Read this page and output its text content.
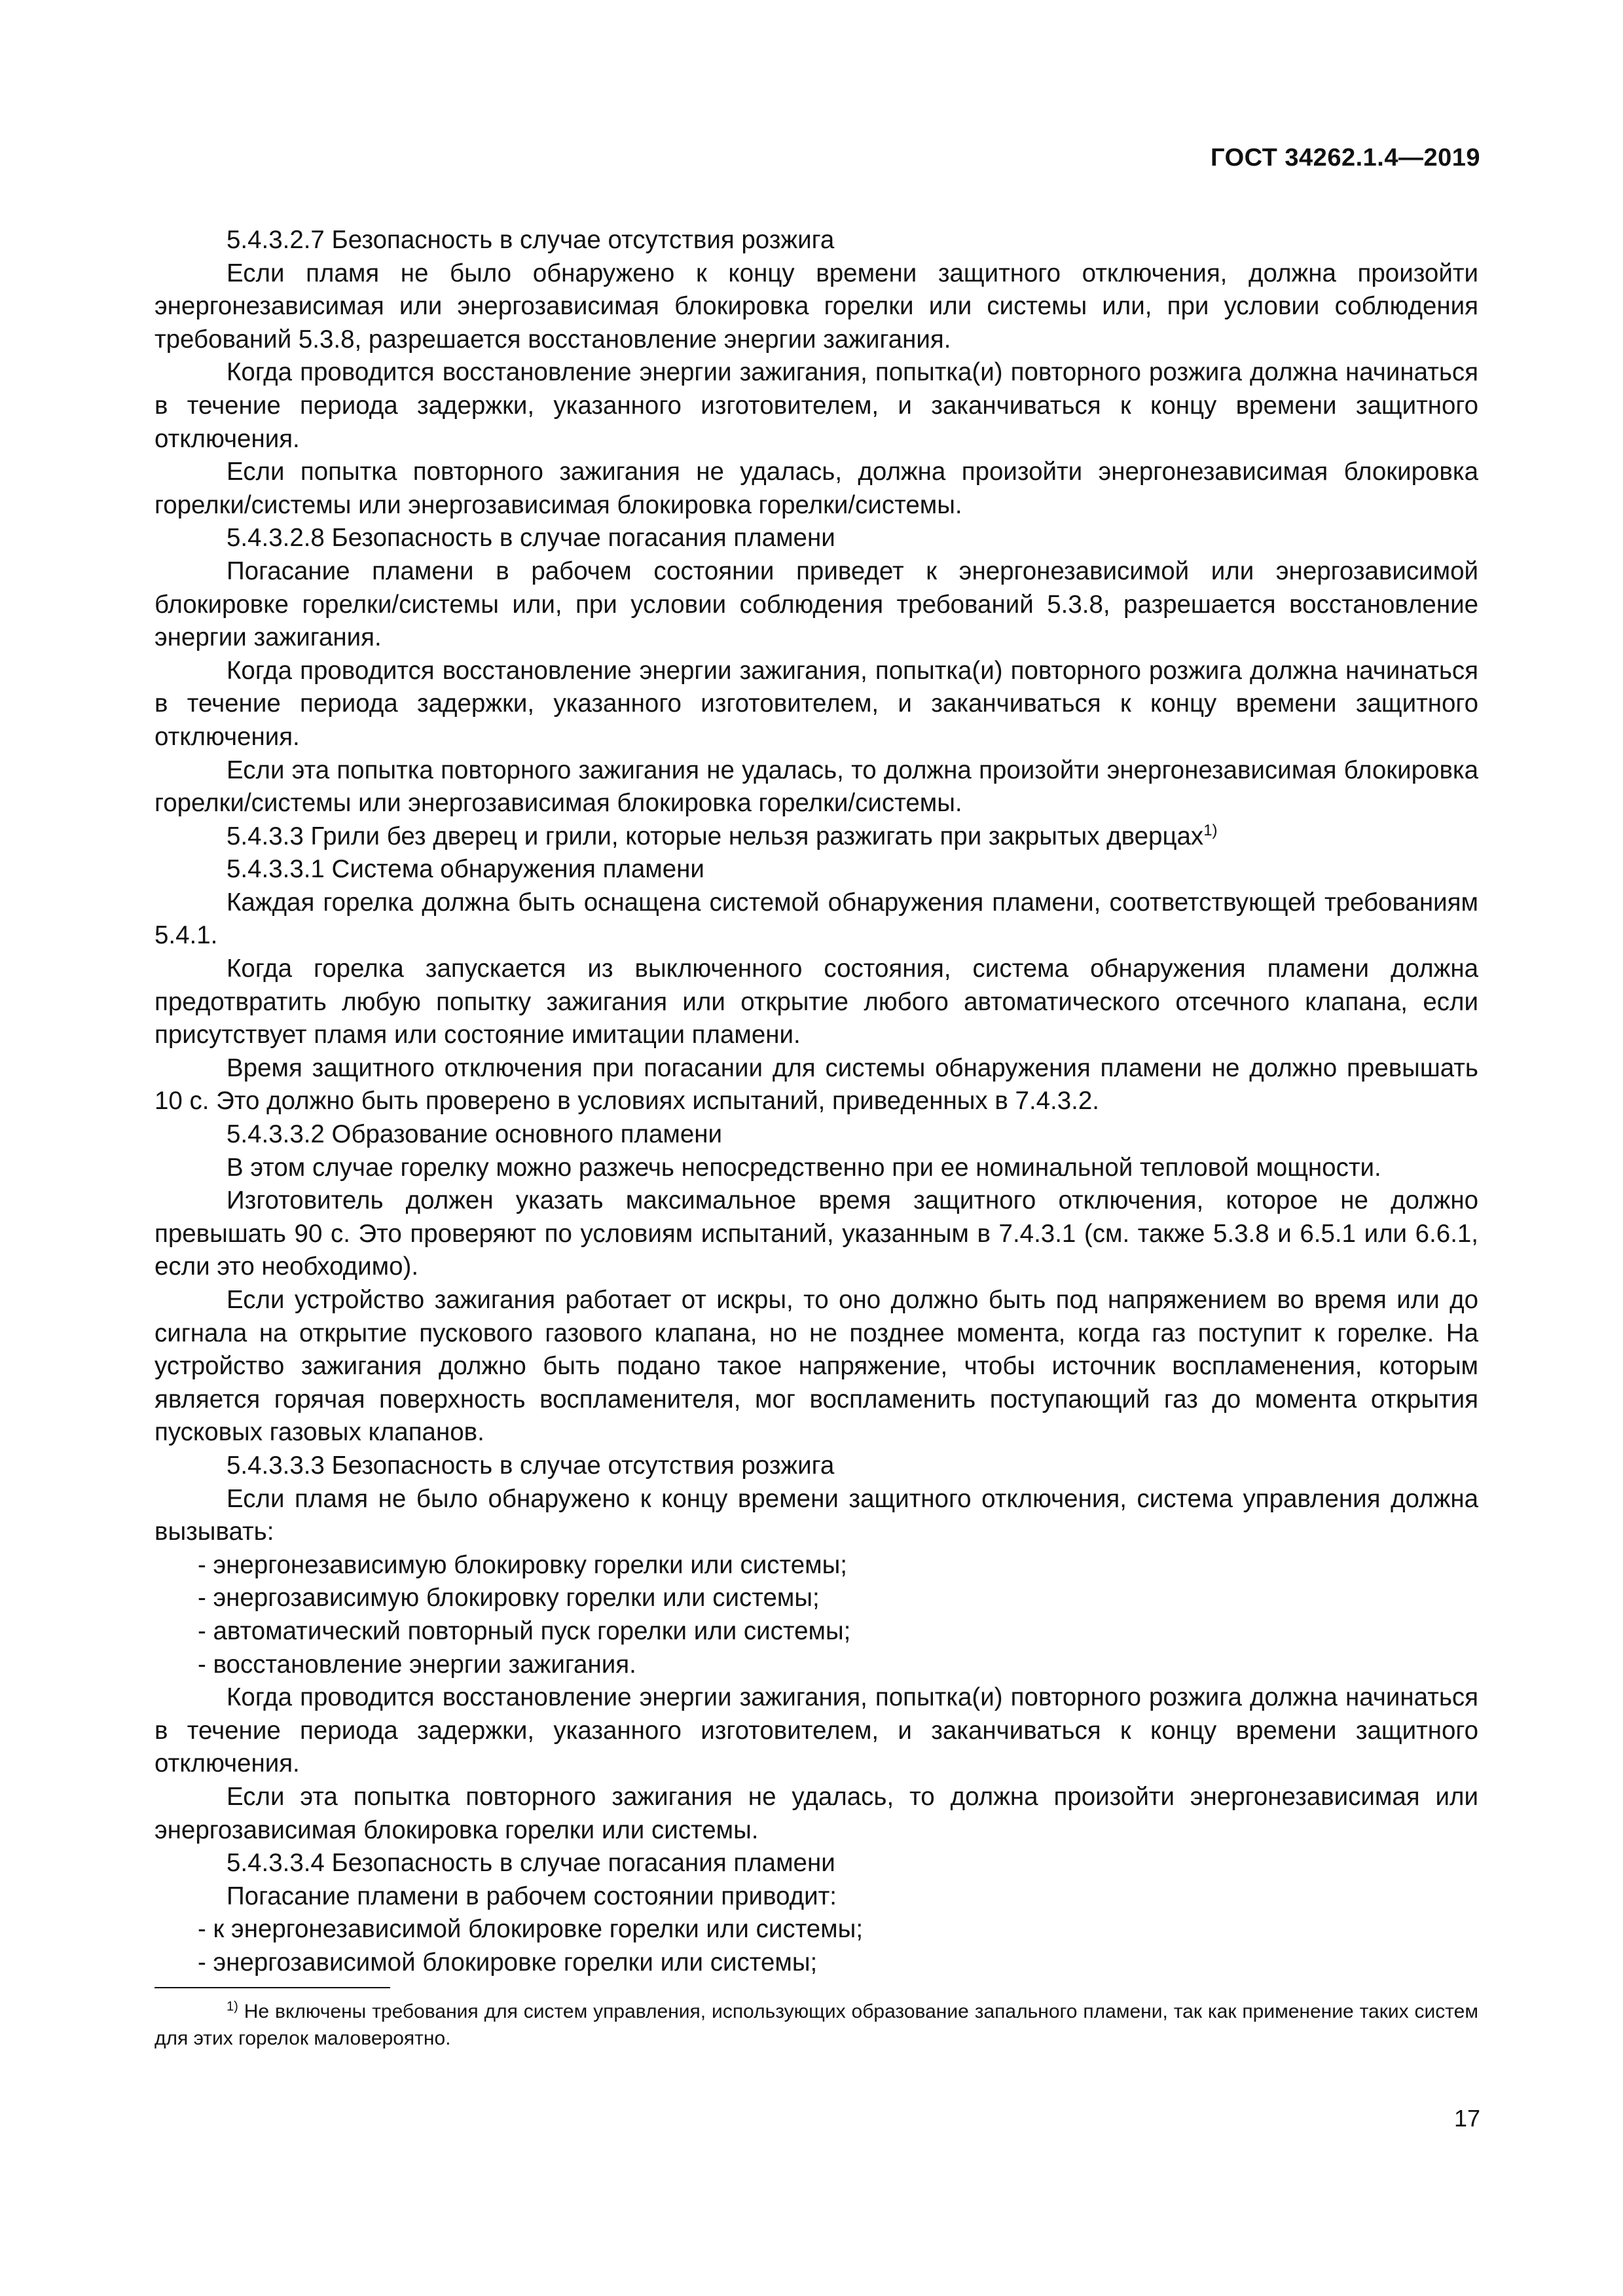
ГОСТ 34262.1.4—2019

5.4.3.2.7 Безопасность в случае отсутствия розжига

Если пламя не было обнаружено к концу времени защитного отключения, должна произойти энергонезависимая или энергозависимая блокировка горелки или системы или, при условии соблюдения требований 5.3.8, разрешается восстановление энергии зажигания.

Когда проводится восстановление энергии зажигания, попытка(и) повторного розжига должна начинаться в течение периода задержки, указанного изготовителем, и заканчиваться к концу времени защитного отключения.

Если попытка повторного зажигания не удалась, должна произойти энергонезависимая блокировка горелки/системы или энергозависимая блокировка горелки/системы.

5.4.3.2.8 Безопасность в случае погасания пламени

Погасание пламени в рабочем состоянии приведет к энергонезависимой или энергозависимой блокировке горелки/системы или, при условии соблюдения требований 5.3.8, разрешается восстановление энергии зажигания.

Когда проводится восстановление энергии зажигания, попытка(и) повторного розжига должна начинаться в течение периода задержки, указанного изготовителем, и заканчиваться к концу времени защитного отключения.

Если эта попытка повторного зажигания не удалась, то должна произойти энергонезависимая блокировка горелки/системы или энергозависимая блокировка горелки/системы.

5.4.3.3 Грили без дверец и грили, которые нельзя разжигать при закрытых дверцах$^{1)}$

5.4.3.3.1 Система обнаружения пламени

Каждая горелка должна быть оснащена системой обнаружения пламени, соответствующей требованиям 5.4.1.

Когда горелка запускается из выключенного состояния, система обнаружения пламени должна предотвратить любую попытку зажигания или открытие любого автоматического отсечного клапана, если присутствует пламя или состояние имитации пламени.

Время защитного отключения при погасании для системы обнаружения пламени не должно превышать 10 с. Это должно быть проверено в условиях испытаний, приведенных в 7.4.3.2.

5.4.3.3.2 Образование основного пламени

В этом случае горелку можно разжечь непосредственно при ее номинальной тепловой мощности.

Изготовитель должен указать максимальное время защитного отключения, которое не должно превышать 90 с. Это проверяют по условиям испытаний, указанным в 7.4.3.1 (см. также 5.3.8 и 6.5.1 или 6.6.1, если это необходимо).

Если устройство зажигания работает от искры, то оно должно быть под напряжением во время или до сигнала на открытие пускового газового клапана, но не позднее момента, когда газ поступит к горелке. На устройство зажигания должно быть подано такое напряжение, чтобы источник воспламенения, которым является горячая поверхность воспламенителя, мог воспламенить поступающий газ до момента открытия пусковых газовых клапанов.

5.4.3.3.3 Безопасность в случае отсутствия розжига

Если пламя не было обнаружено к концу времени защитного отключения, система управления должна вызывать:

- энергонезависимую блокировку горелки или системы;

- энергозависимую блокировку горелки или системы;

- автоматический повторный пуск горелки или системы;

- восстановление энергии зажигания.

Когда проводится восстановление энергии зажигания, попытка(и) повторного розжига должна начинаться в течение периода задержки, указанного изготовителем, и заканчиваться к концу времени защитного отключения.

Если эта попытка повторного зажигания не удалась, то должна произойти энергонезависимая или энергозависимая блокировка горелки или системы.

5.4.3.3.4 Безопасность в случае погасания пламени

Погасание пламени в рабочем состоянии приводит:

- к энергонезависимой блокировке горелки или системы;

- энергозависимой блокировке горелки или системы;

$^{1)}$ Не включены требования для систем управления, использующих образование запального пламени, так как применение таких систем для этих горелок маловероятно.

17
